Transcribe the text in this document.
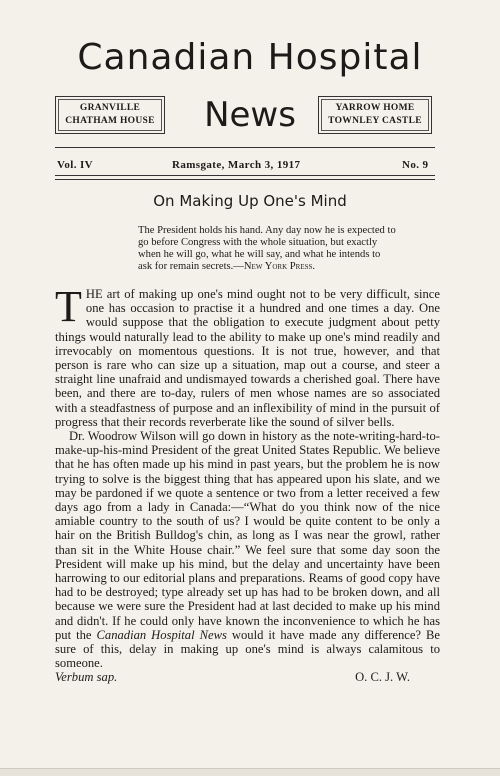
Canadian Hospital
GRANVILLE
CHATHAM HOUSE	News	YARROW HOME
TOWNLEY CASTLE
Vol. IV	Ramsgate, March 3, 1917	No. 9
On Making Up One's Mind
The President holds his hand. Any day now he is expected to go before Congress with the whole situation, but exactly when he will go, what he will say, and what he intends to ask for remain secrets.—New York Press.

THE art of making up one's mind ought not to be very difficult, since one has occasion to practise it a hundred and one times a day. One would suppose that the obligation to execute judgment about petty things would naturally lead to the ability to make up one's mind readily and irrevocably on momentous questions. It is not true, however, and that person is rare who can size up a situation, map out a course, and steer a straight line unafraid and undismayed towards a cherished goal. There have been, and there are to-day, rulers of men whose names are so associated with a steadfastness of purpose and an inflexibility of mind in the pursuit of progress that their records reverberate like the sound of silver bells.

Dr. Woodrow Wilson will go down in history as the note-writing-hard-to-make-up-his-mind President of the great United States Republic. We believe that he has often made up his mind in past years, but the problem he is now trying to solve is the biggest thing that has appeared upon his slate, and we may be pardoned if we quote a sentence or two from a letter received a few days ago from a lady in Canada:—“What do you think now of the nice amiable country to the south of us? I would be quite content to be only a hair on the British Bulldog's chin, as long as I was near the growl, rather than sit in the White House chair.” We feel sure that some day soon the President will make up his mind, but the delay and uncertainty have been harrowing to our editorial plans and preparations. Reams of good copy have had to be destroyed; type already set up has had to be broken down, and all because we were sure the President had at last decided to make up his mind and didn't. If he could only have known the inconvenience to which he has put the Canadian Hospital News would it have made any difference? Be sure of this, delay in making up one's mind is always calamitous to someone.

Verbum sap.	O. C. J. W.
